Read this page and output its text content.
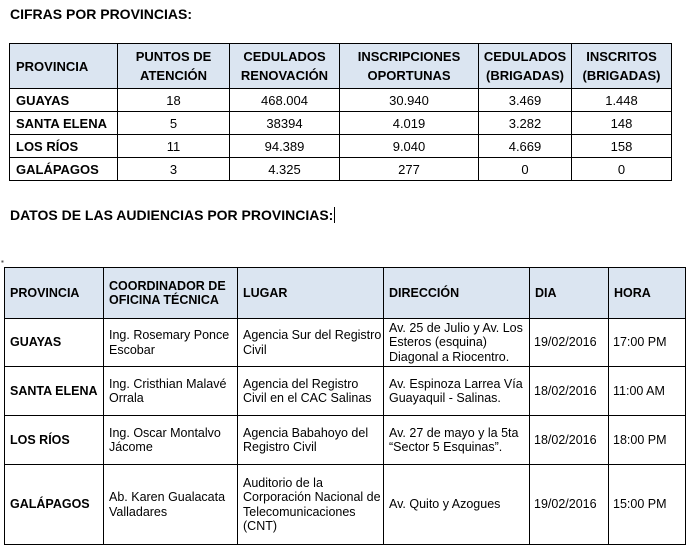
CIFRAS POR PROVINCIAS:
PROVINCIA	PUNTOS DE ATENCIÓN	CEDULADOS RENOVACIÓN	INSCRIPCIONES OPORTUNAS	CEDULADOS (BRIGADAS)	INSCRITOS (BRIGADAS)
GUAYAS	18	468.004	30.940	3.469	1.448
SANTA ELENA	5	38394	4.019	3.282	148
LOS RÍOS	11	94.389	9.040	4.669	158
GALÁPAGOS	3	4.325	277	0	0
DATOS DE LAS AUDIENCIAS POR PROVINCIAS:
▪
PROVINCIA	COORDINADOR DE OFICINA TÉCNICA	LUGAR	DIRECCIÓN	DIA	HORA
GUAYAS	Ing. Rosemary Ponce Escobar	Agencia Sur del Registro Civil	Av. 25 de Julio y Av. Los Esteros (esquina) Diagonal a Riocentro.	19/02/2016	17:00 PM
SANTA ELENA	Ing. Cristhian Malavé Orrala	Agencia del Registro Civil en el CAC Salinas	Av. Espinoza Larrea Vía Guayaquil - Salinas.	18/02/2016	11:00 AM
LOS RÍOS	Ing. Oscar Montalvo Jácome	Agencia Babahoyo del Registro Civil	Av. 27 de mayo y la 5ta “Sector 5 Esquinas”.	18/02/2016	18:00 PM
GALÁPAGOS	Ab. Karen Gualacata Valladares	Auditorio de la Corporación Nacional de Telecomunicaciones (CNT)	Av. Quito y Azogues	19/02/2016	15:00 PM
